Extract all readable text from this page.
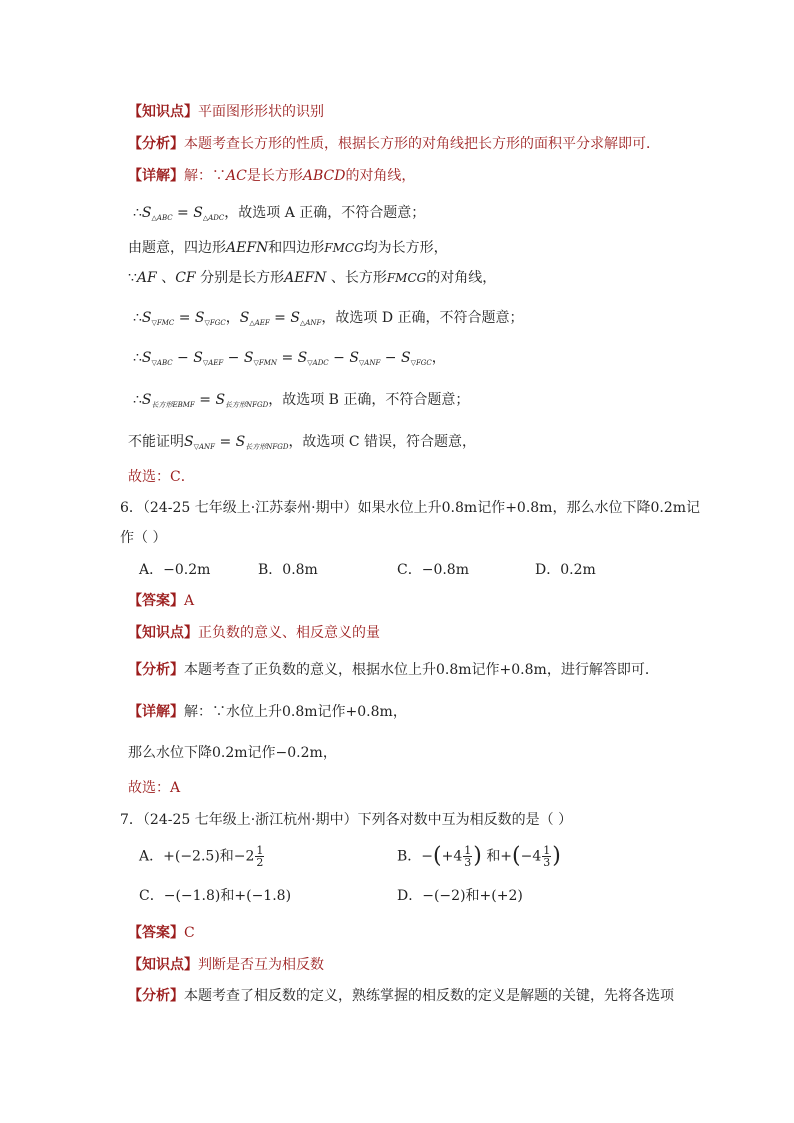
【知识点】平面图形形状的识别
【分析】本题考查长方形的性质，根据长方形的对角线把长方形的面积平分求解即可．
【详解】解：∵AC是长方形ABCD的对角线，
$\therefore S_{\triangle ABC} = S_{\triangle ADC}$，故选项 A 正确，不符合题意；
由题意，四边形AEFN和四边形FMCG均为长方形，
∵AF 、CF 分别是长方形AEFN 、长方形FMCG的对角线，
$\therefore S_{▽FMC} = S_{▽FGC}$，$S_{\triangle AEF} = S_{\triangle ANF}$，故选项 D 正确，不符合题意；
$\therefore S_{▽ABC} - S_{▽AEF} - S_{▽FMN} = S_{▽ADC} - S_{▽ANF} - S_{▽FGC}$，
$\therefore S_{长方形EBMF} = S_{长方形NFGD}$，故选项 B 正确，不符合题意；
不能证明$S_{▽ANF} = S_{长方形NFGD}$，故选项 C 错误，符合题意，
故选：C．
6．（24-25 七年级上·江苏泰州·期中）如果水位上升0.8m记作+0.8m，那么水位下降0.2m记
作（ ）
A．−0.2m	B．0.8m	C．−0.8m	D．0.2m
【答案】A
【知识点】正负数的意义、相反意义的量
【分析】本题考查了正负数的意义，根据水位上升0.8m记作+0.8m，进行解答即可．
【详解】解：∵水位上升0.8m记作+0.8m，
那么水位下降0.2m记作−0.2m，
故选：A
7．（24-25 七年级上·浙江杭州·期中）下列各对数中互为相反数的是（ ）
A．+(−2.5)和$-2 \frac{1}{2}$	B．$-(+4 \frac{1}{3}$ ) 和$+(-4 \frac{1}{3}$ )
C．−(−1.8)和+(−1.8)	D．−(−2)和+(+2)
【答案】C
【知识点】判断是否互为相反数
【分析】本题考查了相反数的定义，熟练掌握的相反数的定义是解题的关键，先将各选项
